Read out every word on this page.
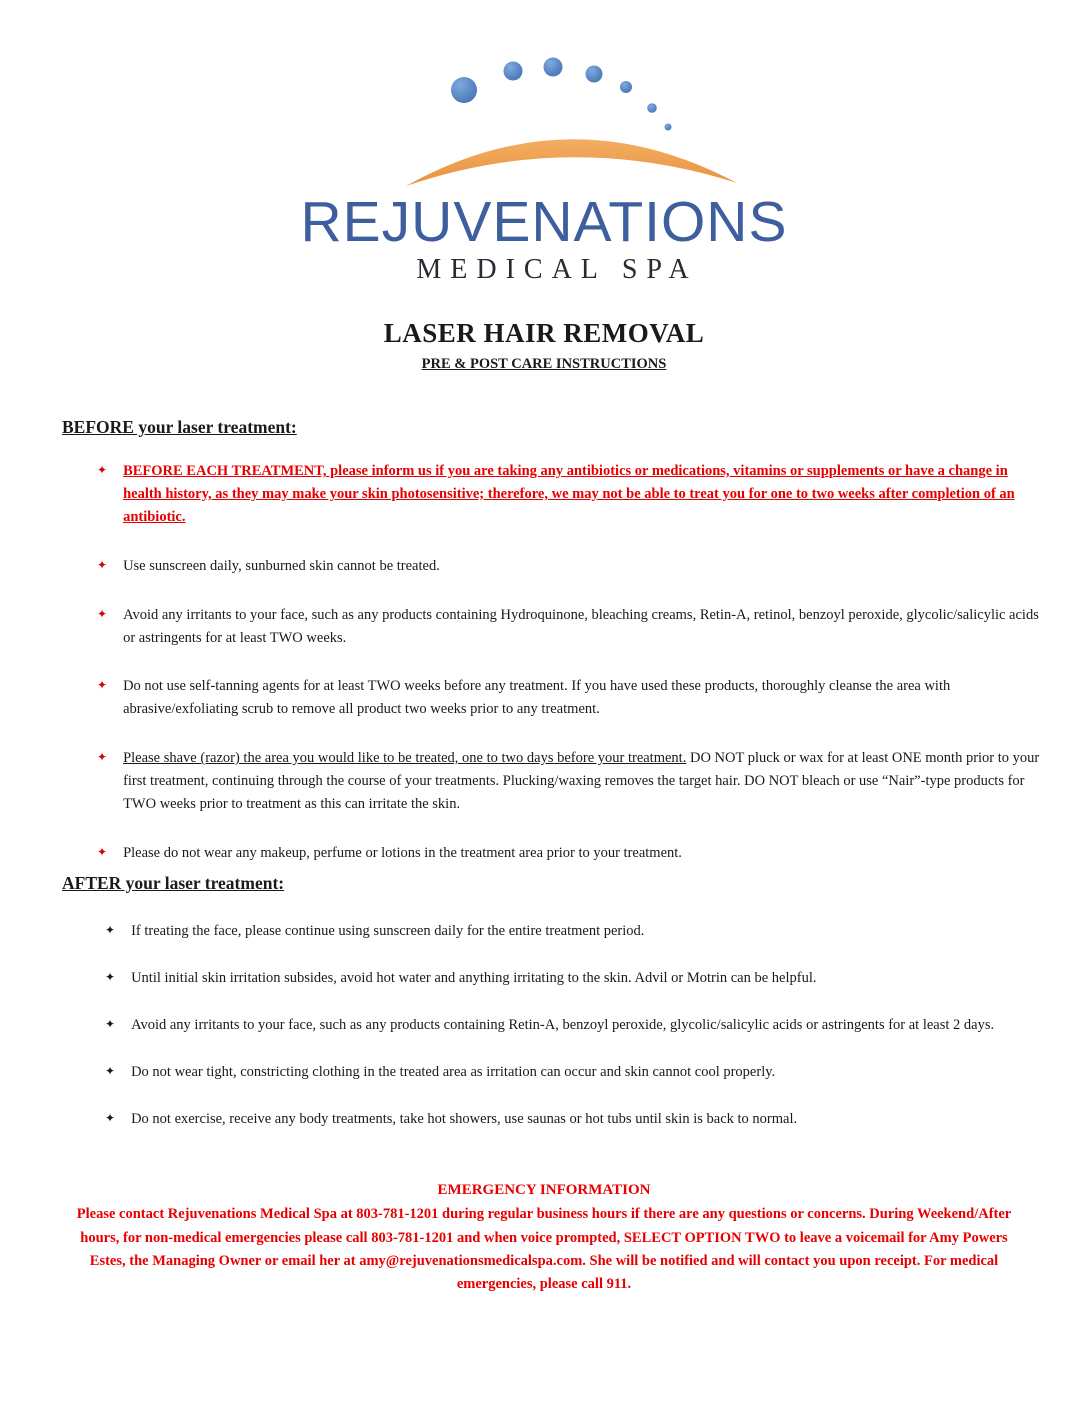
REJUVENATIONS
MEDICAL SPA
LASER HAIR REMOVAL
PRE & POST CARE INSTRUCTIONS
BEFORE your laser treatment:
✦ BEFORE EACH TREATMENT, please inform us if you are taking any antibiotics or medications, vitamins or supplements or have a change in health history, as they may make your skin photosensitive; therefore, we may not be able to treat you for one to two weeks after completion of an antibiotic.
✦ Use sunscreen daily, sunburned skin cannot be treated.
✦ Avoid any irritants to your face, such as any products containing Hydroquinone, bleaching creams, Retin-A, retinol, benzoyl peroxide, glycolic/salicylic acids or astringents for at least TWO weeks.
✦ Do not use self-tanning agents for at least TWO weeks before any treatment. If you have used these products, thoroughly cleanse the area with abrasive/exfoliating scrub to remove all product two weeks prior to any treatment.
✦ Please shave (razor) the area you would like to be treated, one to two days before your treatment. DO NOT pluck or wax for at least ONE month prior to your first treatment, continuing through the course of your treatments. Plucking/waxing removes the target hair. DO NOT bleach or use “Nair”-type products for TWO weeks prior to treatment as this can irritate the skin.
✦ Please do not wear any makeup, perfume or lotions in the treatment area prior to your treatment.
AFTER your laser treatment:
✦ If treating the face, please continue using sunscreen daily for the entire treatment period.
✦ Until initial skin irritation subsides, avoid hot water and anything irritating to the skin. Advil or Motrin can be helpful.
✦ Avoid any irritants to your face, such as any products containing Retin-A, benzoyl peroxide, glycolic/salicylic acids or astringents for at least 2 days.
✦ Do not wear tight, constricting clothing in the treated area as irritation can occur and skin cannot cool properly.
✦ Do not exercise, receive any body treatments, take hot showers, use saunas or hot tubs until skin is back to normal.
EMERGENCY INFORMATION
Please contact Rejuvenations Medical Spa at 803-781-1201 during regular business hours if there are any questions or concerns. During Weekend/After hours, for non-medical emergencies please call 803-781-1201 and when voice prompted, SELECT OPTION TWO to leave a voicemail for Amy Powers Estes, the Managing Owner or email her at amy@rejuvenationsmedicalspa.com. She will be notified and will contact you upon receipt. For medical emergencies, please call 911.
